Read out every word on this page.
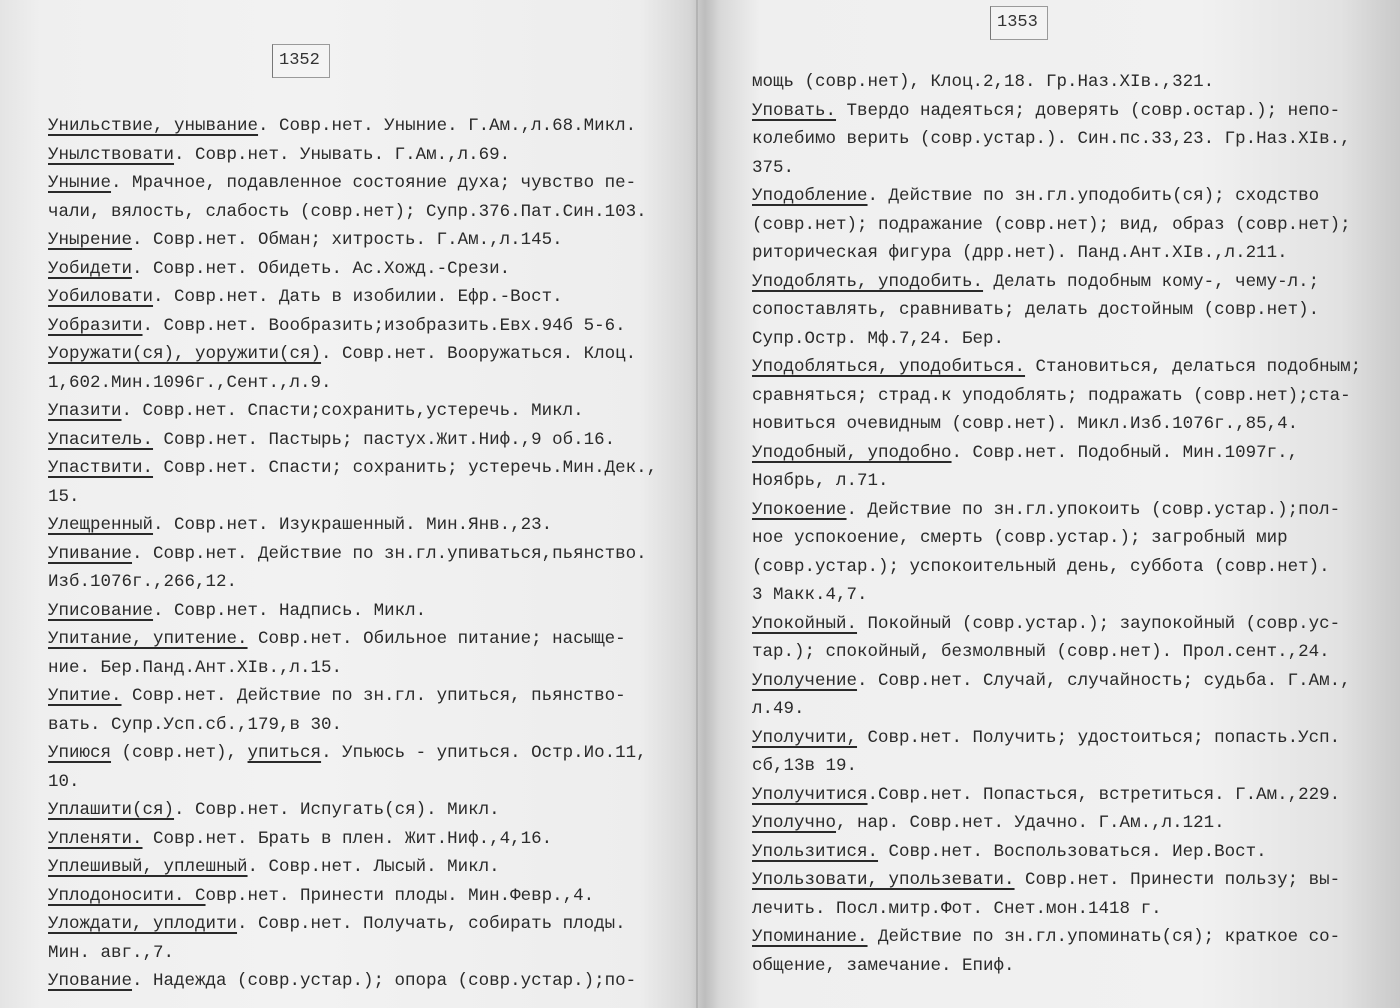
1352
1353
Унильствие, унывание. Совр.нет. Уныние. Г.Ам.,л.68.Микл.
Унылствовати. Совр.нет. Унывать. Г.Ам.,л.69.
Уныние. Мрачное, подавленное состояние духа; чувство пе-
чали, вялость, слабость (совр.нет); Супр.376.Пат.Син.103.
Унырение. Совр.нет. Обман; хитрость. Г.Ам.,л.145.
Уобидети. Совр.нет. Обидеть. Ас.Хожд.-Срези.
Уобиловати. Совр.нет. Дать в изобилии. Ефр.-Вост.
Уобразити. Совр.нет. Вообразить;изобразить.Евх.94б 5-6.
Уоружати(ся), уоружити(ся). Совр.нет. Вооружаться. Клоц.
1,602.Мин.1096г.,Сент.,л.9.
Упазити. Совр.нет. Спасти;сохранить,устеречь. Микл.
Упаситель. Совр.нет. Пастырь; пастух.Жит.Ниф.,9 об.16.
Упаствити. Совр.нет. Спасти; сохранить; устеречь.Мин.Дек.,
15.
Улещренный. Совр.нет. Изукрашенный. Мин.Янв.,23.
Упивание. Совр.нет. Действие по зн.гл.упиваться,пьянство.
Изб.1076г.,266,12.
Уписование. Совр.нет. Надпись. Микл.
Упитание, упитение. Совр.нет. Обильное питание; насыще-
ние. Бер.Панд.Ант.XIв.,л.15.
Упитие. Совр.нет. Действие по зн.гл. упиться, пьянство-
вать. Супр.Усп.сб.,179,в 30.
Упиюся (совр.нет), упиться. Упьюсь - упиться. Остр.Ио.11,
10.
Уплашити(ся). Совр.нет. Испугать(ся). Микл.
Упленяти. Совр.нет. Брать в плен. Жит.Ниф.,4,16.
Уплешивый, уплешный. Совр.нет. Лысый. Микл.
Уплодоносити. Совр.нет. Принести плоды. Мин.Февр.,4.
Улождати, уплодити. Совр.нет. Получать, собирать плоды.
Мин. авг.,7.
Упование. Надежда (совр.устар.); опора (совр.устар.);по-
мощь (совр.нет), Клоц.2,18. Гр.Наз.XIв.,321.
Уповать. Твердо надеяться; доверять (совр.остар.); непо-
колебимо верить (совр.устар.). Син.пс.33,23. Гр.Наз.XIв.,
375.
Уподобление. Действие по зн.гл.уподобить(ся); сходство
(совр.нет); подражание (совр.нет); вид, образ (совр.нет);
риторическая фигура (дрр.нет). Панд.Ант.XIв.,л.211.
Уподоблять, уподобить. Делать подобным кому-, чему-л.;
сопоставлять, сравнивать; делать достойным (совр.нет).
Супр.Остр. Мф.7,24. Бер.
Уподобляться, уподобиться. Становиться, делаться подобным;
сравняться; страд.к уподоблять; подражать (совр.нет);ста-
новиться очевидным (совр.нет). Микл.Изб.1076г.,85,4.
Уподобный, уподобно. Совр.нет. Подобный. Мин.1097г.,
Ноябрь, л.71.
Упокоение. Действие по зн.гл.упокоить (совр.устар.);пол-
ное успокоение, смерть (совр.устар.); загробный мир
(совр.устар.); успокоительный день, суббота (совр.нет).
3 Макк.4,7.
Упокойный. Покойный (совр.устар.); заупокойный (совр.ус-
тар.); спокойный, безмолвный (совр.нет). Прол.сент.,24.
Уполучение. Совр.нет. Случай, случайность; судьба. Г.Ам.,
л.49.
Уполучити, Совр.нет. Получить; удостоиться; попасть.Усп.
сб,13в 19.
Уполучитися.Совр.нет. Попасться, встретиться. Г.Ам.,229.
Уполучно, нар. Совр.нет. Удачно. Г.Ам.,л.121.
Упользитися. Совр.нет. Воспользоваться. Иер.Вост.
Упользовати, упользевати. Совр.нет. Принести пользу; вы-
лечить. Посл.митр.Фот. Снет.мон.1418 г.
Упоминание. Действие по зн.гл.упоминать(ся); краткое со-
общение, замечание. Епиф.
